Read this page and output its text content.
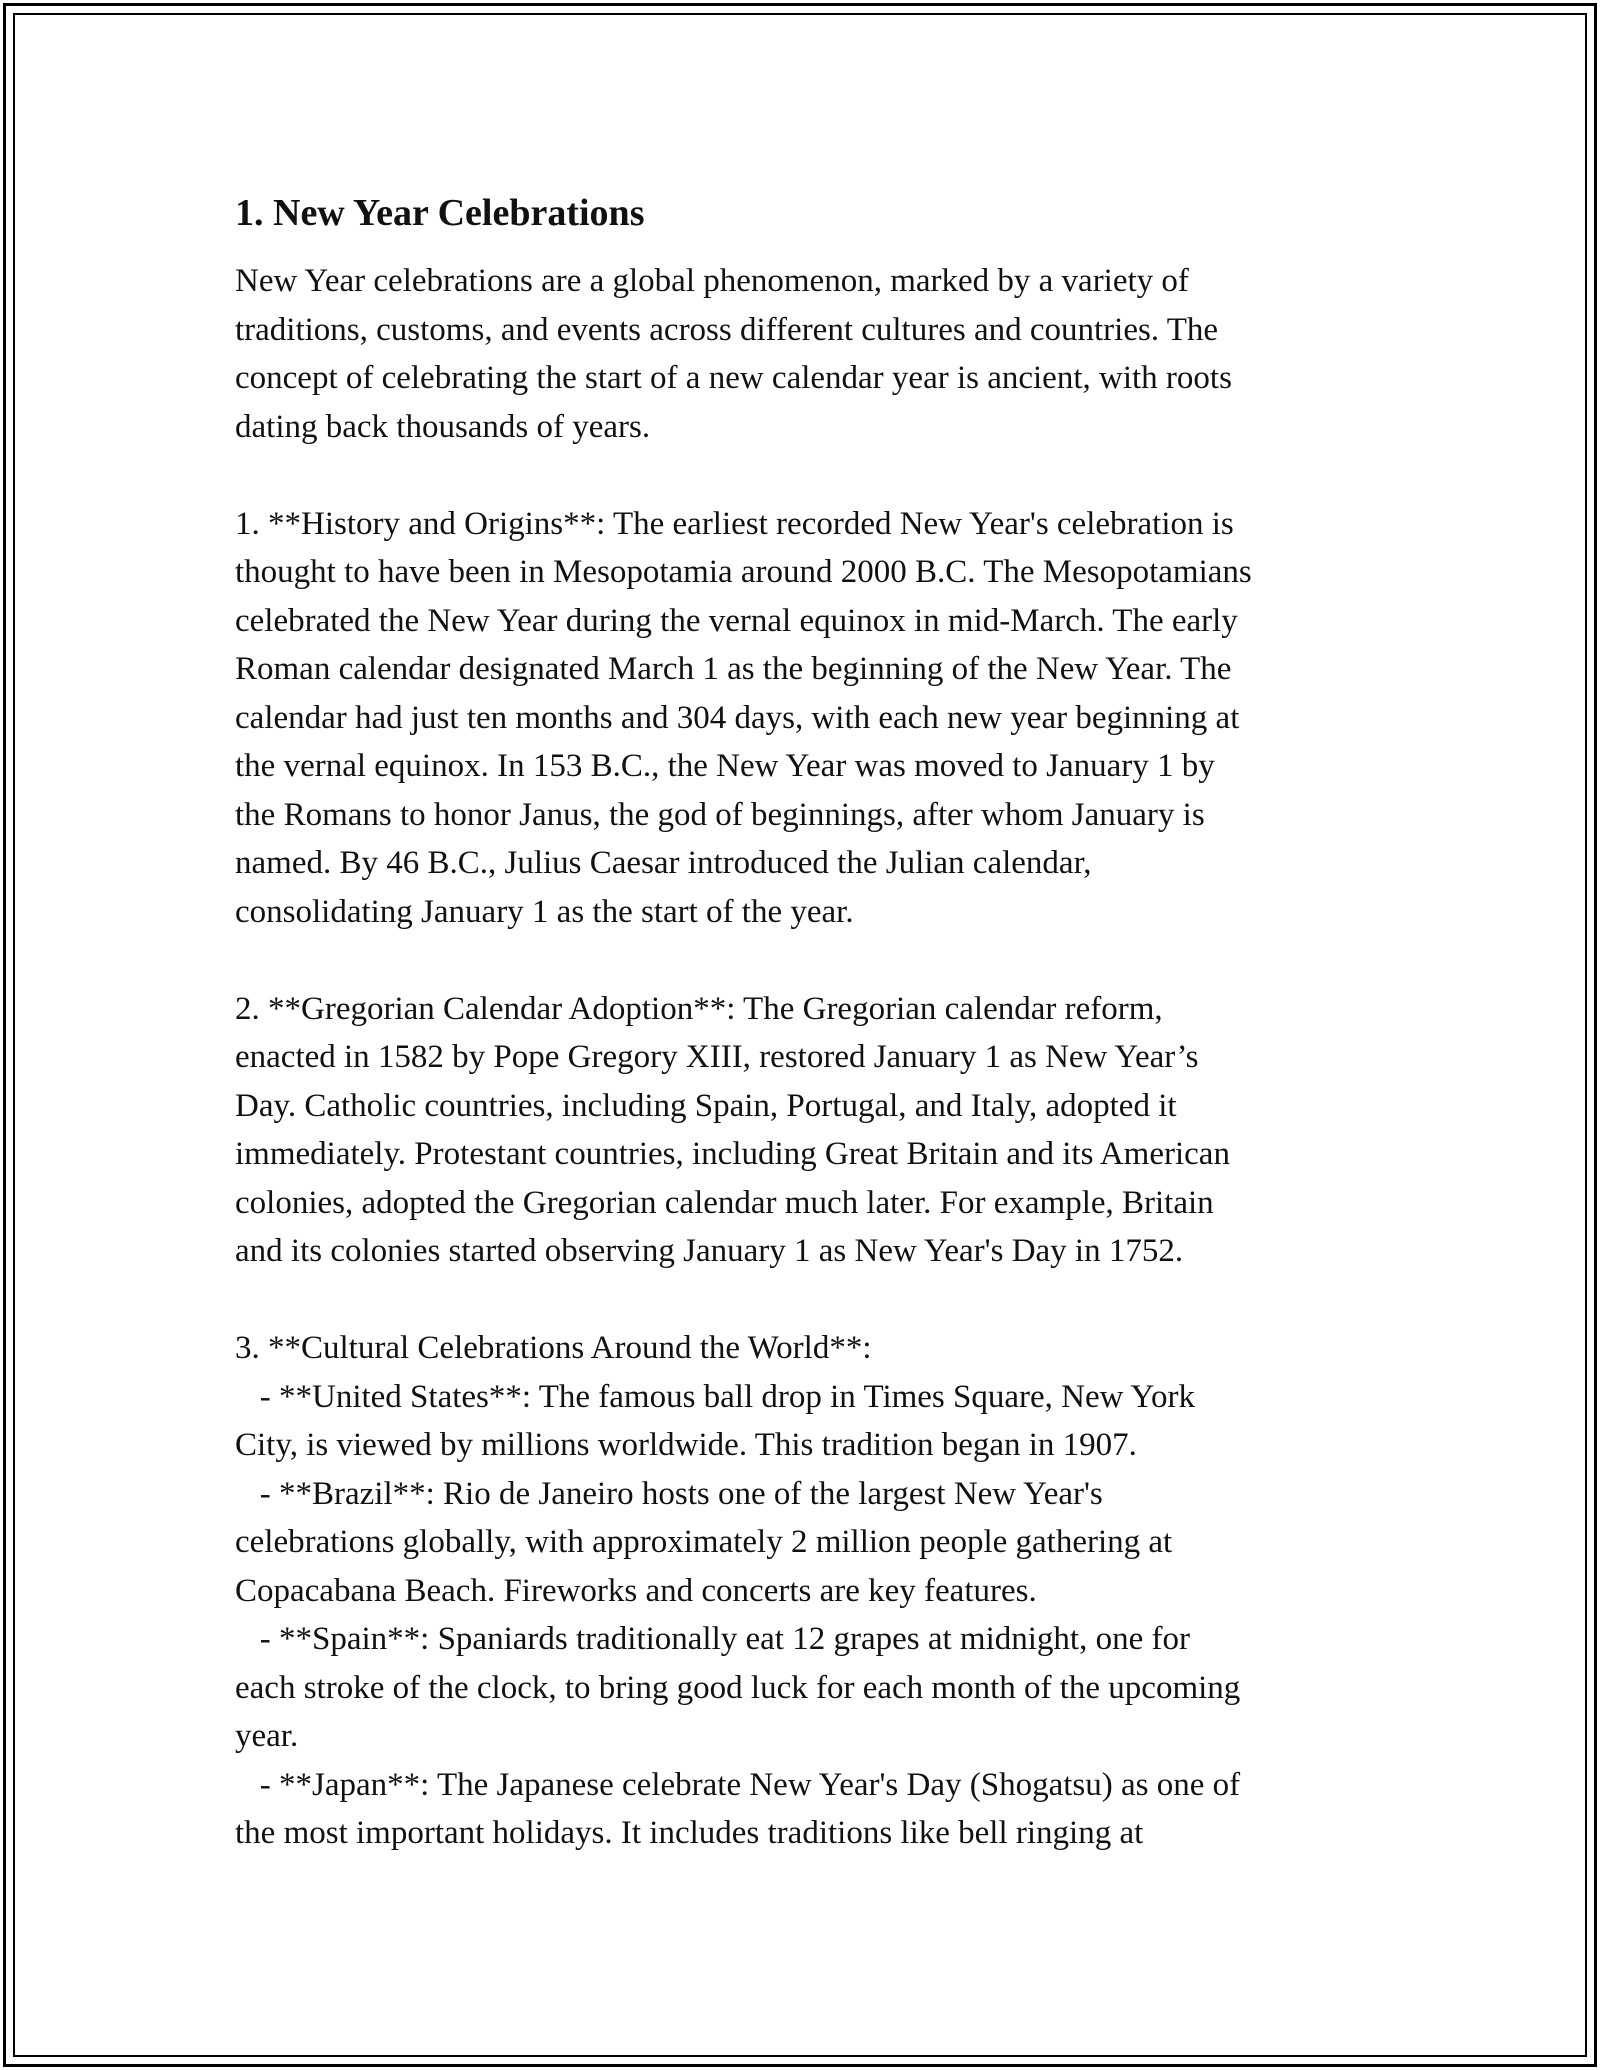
1. New Year Celebrations

New Year celebrations are a global phenomenon, marked by a variety of
traditions, customs, and events across different cultures and countries. The
concept of celebrating the start of a new calendar year is ancient, with roots
dating back thousands of years.

1. **History and Origins**: The earliest recorded New Year's celebration is
thought to have been in Mesopotamia around 2000 B.C. The Mesopotamians
celebrated the New Year during the vernal equinox in mid-March. The early
Roman calendar designated March 1 as the beginning of the New Year. The
calendar had just ten months and 304 days, with each new year beginning at
the vernal equinox. In 153 B.C., the New Year was moved to January 1 by
the Romans to honor Janus, the god of beginnings, after whom January is
named. By 46 B.C., Julius Caesar introduced the Julian calendar,
consolidating January 1 as the start of the year.

2. **Gregorian Calendar Adoption**: The Gregorian calendar reform,
enacted in 1582 by Pope Gregory XIII, restored January 1 as New Year’s
Day. Catholic countries, including Spain, Portugal, and Italy, adopted it
immediately. Protestant countries, including Great Britain and its American
colonies, adopted the Gregorian calendar much later. For example, Britain
and its colonies started observing January 1 as New Year's Day in 1752.

3. **Cultural Celebrations Around the World**:
- **United States**: The famous ball drop in Times Square, New York
City, is viewed by millions worldwide. This tradition began in 1907.
- **Brazil**: Rio de Janeiro hosts one of the largest New Year's
celebrations globally, with approximately 2 million people gathering at
Copacabana Beach. Fireworks and concerts are key features.
- **Spain**: Spaniards traditionally eat 12 grapes at midnight, one for
each stroke of the clock, to bring good luck for each month of the upcoming
year.
- **Japan**: The Japanese celebrate New Year's Day (Shogatsu) as one of
the most important holidays. It includes traditions like bell ringing at
